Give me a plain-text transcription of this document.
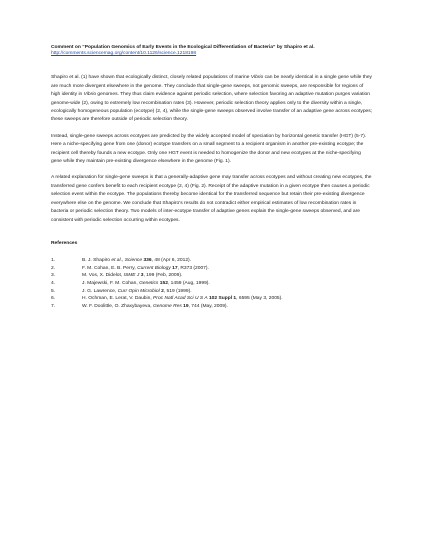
Comment on “Population Genomics of Early Events in the Ecological Differentiation of Bacteria” by Shapiro et al.
http://comments.sciencemag.org/content/10.1126/science.1218198

Shapiro et al. (1) have shown that ecologically distinct, closely related populations of marine Vibrio can be nearly identical in a single gene while they are much more divergent elsewhere in the genome. They conclude that single-gene sweeps, not genomic sweeps, are responsible for regions of high identity in Vibrio genomes. They thus claim evidence against periodic selection, where selection favoring an adaptive mutation purges variation genome-wide (2), owing to extremely low recombination rates (3). However, periodic selection theory applies only to the diversity within a single, ecologically homogeneous population (ecotype) (2, 4), while the single-gene sweeps observed involve transfer of an adaptive gene across ecotypes; these sweeps are therefore outside of periodic selection theory.

Instead, single-gene sweeps across ecotypes are predicted by the widely accepted model of speciation by horizontal genetic transfer (HGT) (5-7). Here a niche-specifying gene from one (donor) ecotype transfers on a small segment to a recipient organism in another pre-existing ecotype; the recipient cell thereby founds a new ecotype. Only one HGT event is needed to homogenize the donor and new ecotypes at the niche-specifying gene while they maintain pre-existing divergence elsewhere in the genome (Fig. 1).

A related explanation for single-gene sweeps is that a generally-adaptive gene may transfer across ecotypes and without creating new ecotypes, the transferred gene confers benefit to each recipient ecotype (2, 4) (Fig. 2). Receipt of the adaptive mutation in a given ecotype then causes a periodic selection event within the ecotype. The populations thereby become identical for the transferred sequence but retain their pre-existing divergence everywhere else on the genome. We conclude that Shapiro’s results do not contradict either empirical estimates of low recombination rates in bacteria or periodic selection theory. Two models of inter-ecotype transfer of adaptive genes explain the single-gene sweeps observed, and are consistent with periodic selection occurring within ecotypes.

References
1.	B. J. Shapiro et al., Science 336, 48 (Apr 6, 2012).
2.	F. M. Cohan, E. B. Perry, Current Biology 17, R373 (2007).
3.	M. Vos, X. Didelot, ISME J 3, 199 (Feb, 2009).
4.	J. Majewski, F. M. Cohan, Genetics 152, 1459 (Aug, 1999).
5.	J. G. Lawrence, Curr Opin Microbiol 2, 519 (1999).
6.	H. Ochman, E. Lerat, V. Daubin, Proc Natl Acad Sci U S A 102 Suppl 1, 6595 (May 3, 2005).
7.	W. F. Doolittle, O. Zhaxybayeva, Genome Res 19, 744 (May, 2009).
